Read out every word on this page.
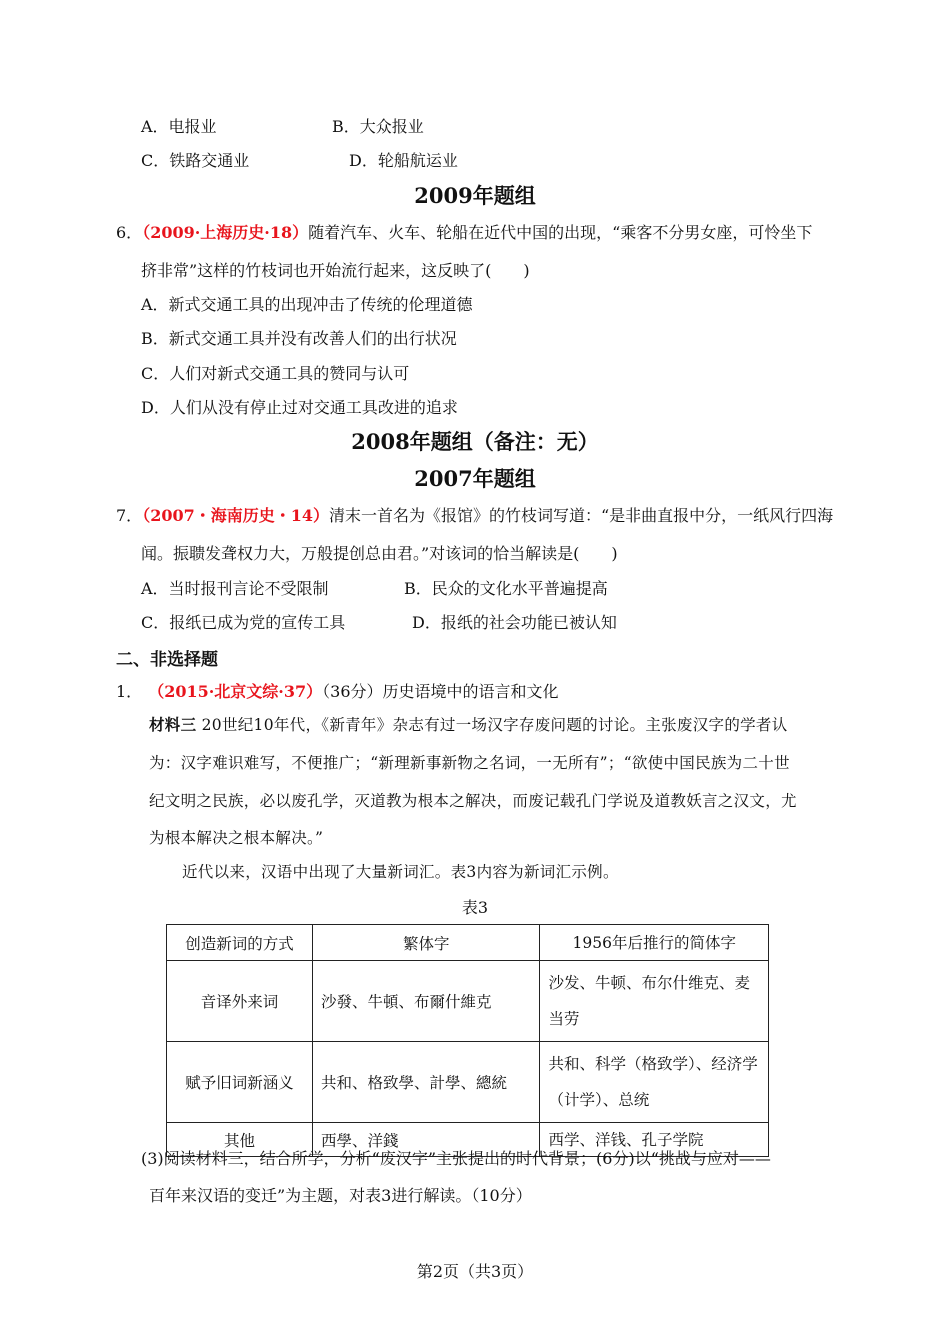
A．电报业	B．大众报业
C．铁路交通业	D．轮船航运业
2009年题组
6．（2009·上海历史·18）随着汽车、火车、轮船在近代中国的出现，“乘客不分男女座，可怜坐下
挤非常”这样的竹枝词也开始流行起来，这反映了(　　)
A．新式交通工具的出现冲击了传统的伦理道德
B．新式交通工具并没有改善人们的出行状况
C．人们对新式交通工具的赞同与认可
D．人们从没有停止过对交通工具改进的追求
2008年题组（备注：无）
2007年题组
7．（2007・海南历史・14）清末一首名为《报馆》的竹枝词写道：“是非曲直报中分，一纸风行四海
闻。振聩发聋权力大，万般提创总由君。”对该词的恰当解读是(　　)
A．当时报刊言论不受限制	B．民众的文化水平普遍提高
C．报纸已成为党的宣传工具	D．报纸的社会功能已被认知
二、非选择题
1． （2015·北京文综·37）（36分）历史语境中的语言和文化
材料三 20世纪10年代，《新青年》杂志有过一场汉字存废问题的讨论。主张废汉字的学者认
为：汉字难识难写，不便推广；“新理新事新物之名词，一无所有”；“欲使中国民族为二十世
纪文明之民族，必以废孔学，灭道教为根本之解决，而废记载孔门学说及道教妖言之汉文，尤
为根本解决之根本解决。”
近代以来，汉语中出现了大量新词汇。表3内容为新词汇示例。
表3
创造新词的方式	繁体字	1956年后推行的简体字
音译外来词	沙發、牛頓、布爾什維克	沙发、牛顿、布尔什维克、麦当劳
赋予旧词新涵义	共和、格致學、計學、總統	共和、科学（格致学）、经济学（计学）、总统
其他	西學、洋錢	西学、洋钱、孔子学院
(3)阅读材料三，结合所学，分析“废汉字”主张提出的时代背景；(6分)以“挑战与应对——
百年来汉语的变迁”为主题，对表3进行解读。（10分）
第2页（共3页）
